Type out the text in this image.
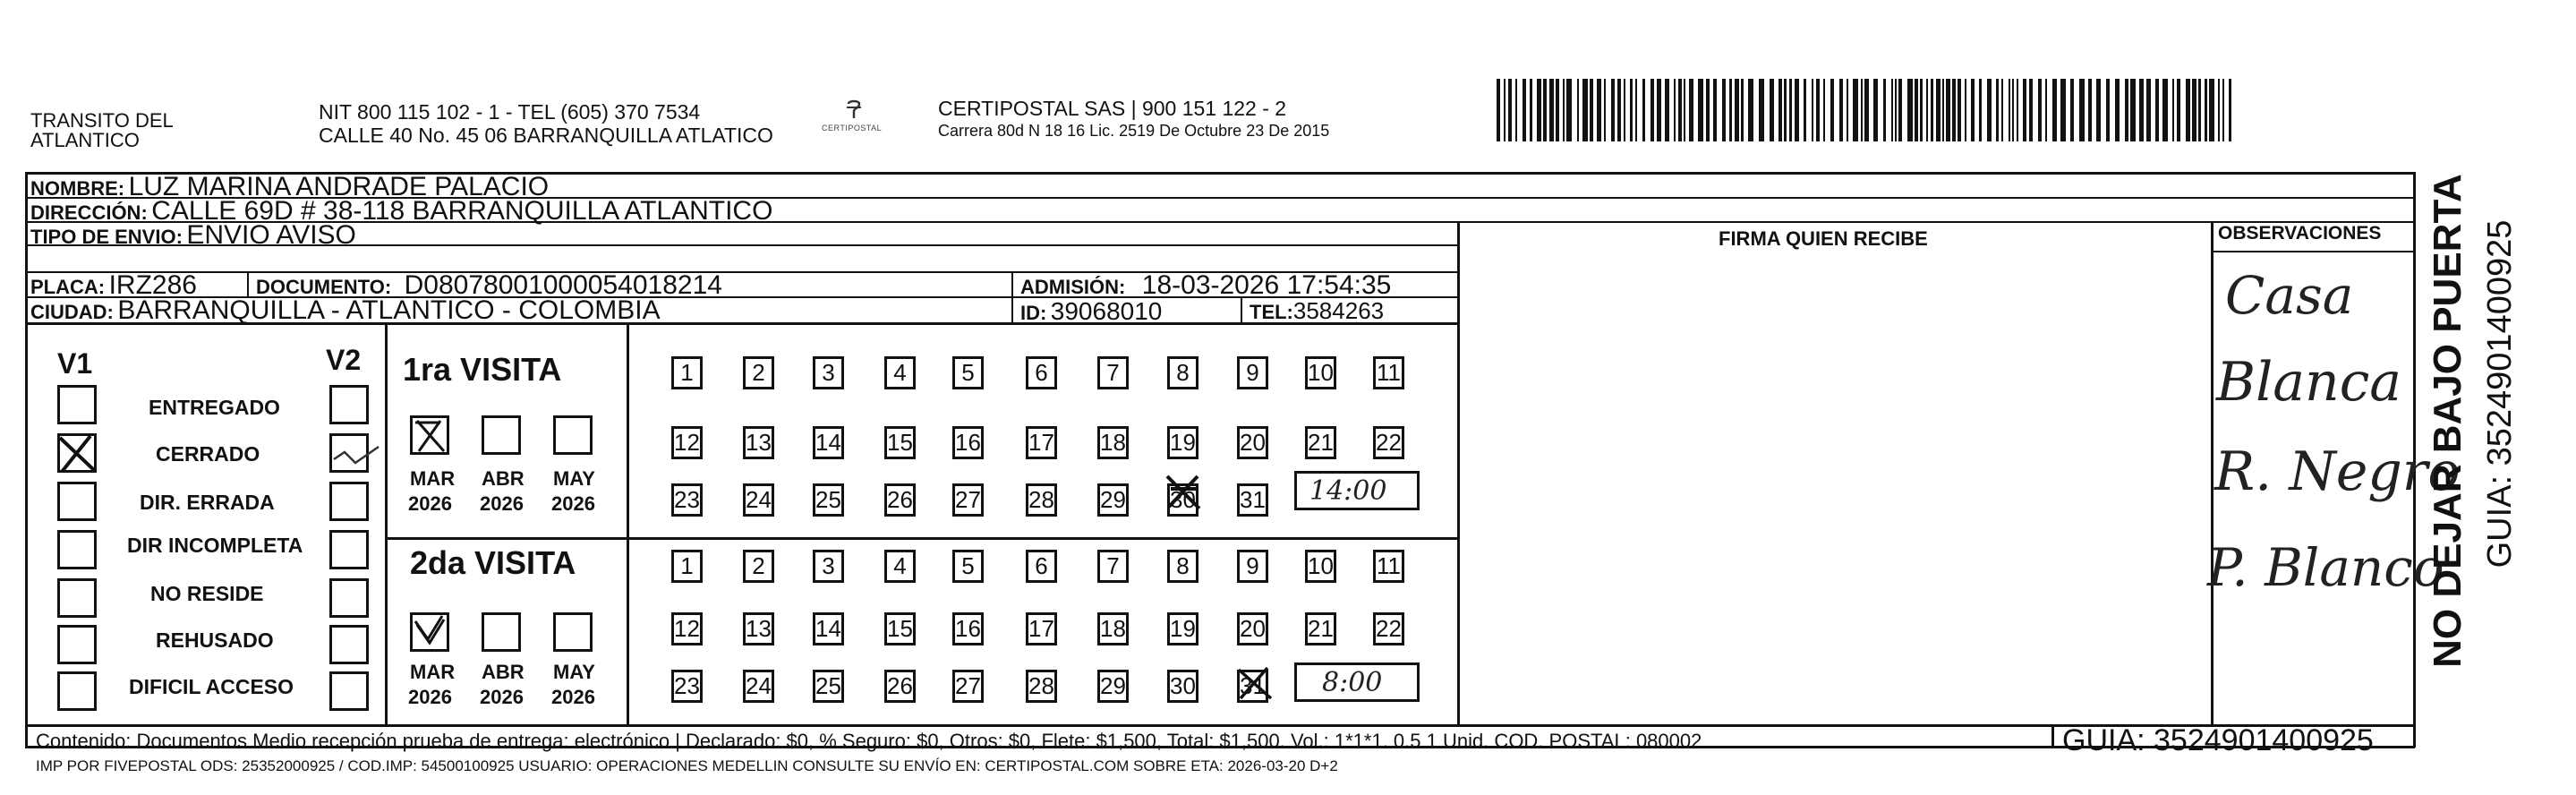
TRANSITO DEL
ATLANTICO
NIT 800 115 102 - 1 - TEL (605) 370 7534
CALLE 40 No. 45 06 BARRANQUILLA ATLATICO	CERTIPOSTAL
CERTIPOSTAL SAS | 900 151 122 - 2
Carrera 80d N 18 16 Lic. 2519 De Octubre 23 De 2015
NOMBRE: LUZ MARINA ANDRADE PALACIO
DIRECCIÓN: CALLE 69D # 38-118 BARRANQUILLA ATLANTICO
TIPO DE ENVIO: ENVIO AVISO
PLACA: IRZ286	DOCUMENTO: D08078001000054018214	ADMISIÓN: 18-03-2026 17:54:35
CIUDAD: BARRANQUILLA - ATLANTICO - COLOMBIA	ID: 39068010	TEL:3584263
FIRMA QUIEN RECIBE	OBSERVACIONES
V1	V2
ENTREGADO
CERRADO
DIR. ERRADA
DIR INCOMPLETA
NO RESIDE
REHUSADO
DIFICIL ACCESO
1ra VISITA
MAR ABR MAY
2026 2026 2026
2da VISITA
MAR ABR MAY
2026 2026 2026
1	2	3	4	5	6	7	8	9	10 11
12 13 14 15 16 17 18 19 20 21 22
23 24 25 26 27 28 29 30 31
1	2	3	4	5	6	7	8	9	10 11
12 13 14 15 16 17 18 19 20 21 22
23 24 25 26 27 28 29 30 31
14:00
8:00
Casa
Blanca
R. Negro
P. Blanco
NO DEJAR BAJO PUERTA GUIA: 3524901400925
Contenido: Documentos Medio recepción prueba de entrega: electrónico | Declarado: $0, % Seguro: $0, Otros: $0, Flete: $1,500, Total: $1,500. Vol.: 1*1*1. 0.5 1 Unid. COD. POSTAL: 080002
IMP POR FIVEPOSTAL ODS: 25352000925 / COD.IMP: 54500100925 USUARIO: OPERACIONES MEDELLIN CONSULTE SU ENVÍO EN: CERTIPOSTAL.COM SOBRE ETA: 2026-03-20 D+2
GUIA: 3524901400925
